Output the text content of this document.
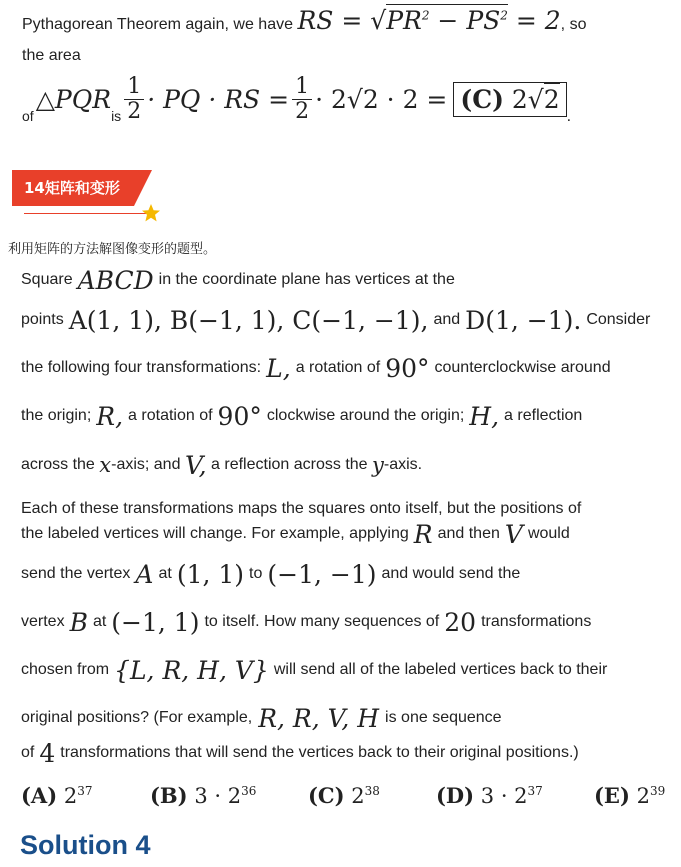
Pythagorean Theorem again, we have RS = $√PR^2 - PS^2 = 2$, so
the area
of
△PQR
is $\frac{1}{2}$ · PQ · RS = $\frac{1}{2} \cdot 2√2 \cdot 2 = (C)$ 2√2
.
14矩阵和变形
利用矩阵的方法解图像变形的题型。
Square ABCD in the coordinate plane has vertices at the
points A(1, 1), B(−1, 1), C(−1, −1), and D(1, −1). Consider
the following four transformations: L, a rotation of 90° counterclockwise around
the origin; R, a rotation of 90° clockwise around the origin; H, a reflection
across the
x -axis; and
V,
a reflection across the
y -axis.
Each of these transformations maps the squares onto itself, but the positions of
the labeled vertices will change. For example, applying R and then V would
send the vertex A at (1, 1) to (−1, −1) and would send the
vertex B at (−1, 1) to itself. How many sequences of 20 transformations
chosen from {L, R, H, V} will send all of the labeled vertices back to their
original positions? (For example, R, R, V, H is one sequence
of 4 transformations that will send the vertices back to their original positions.)
(A) $2^{37}$	(B) $3 \cdot 2^{36}$ (C) $2^{38}$	(D) $3 \cdot 2^{37}$ (E) $2^{39}$
Solution 4
